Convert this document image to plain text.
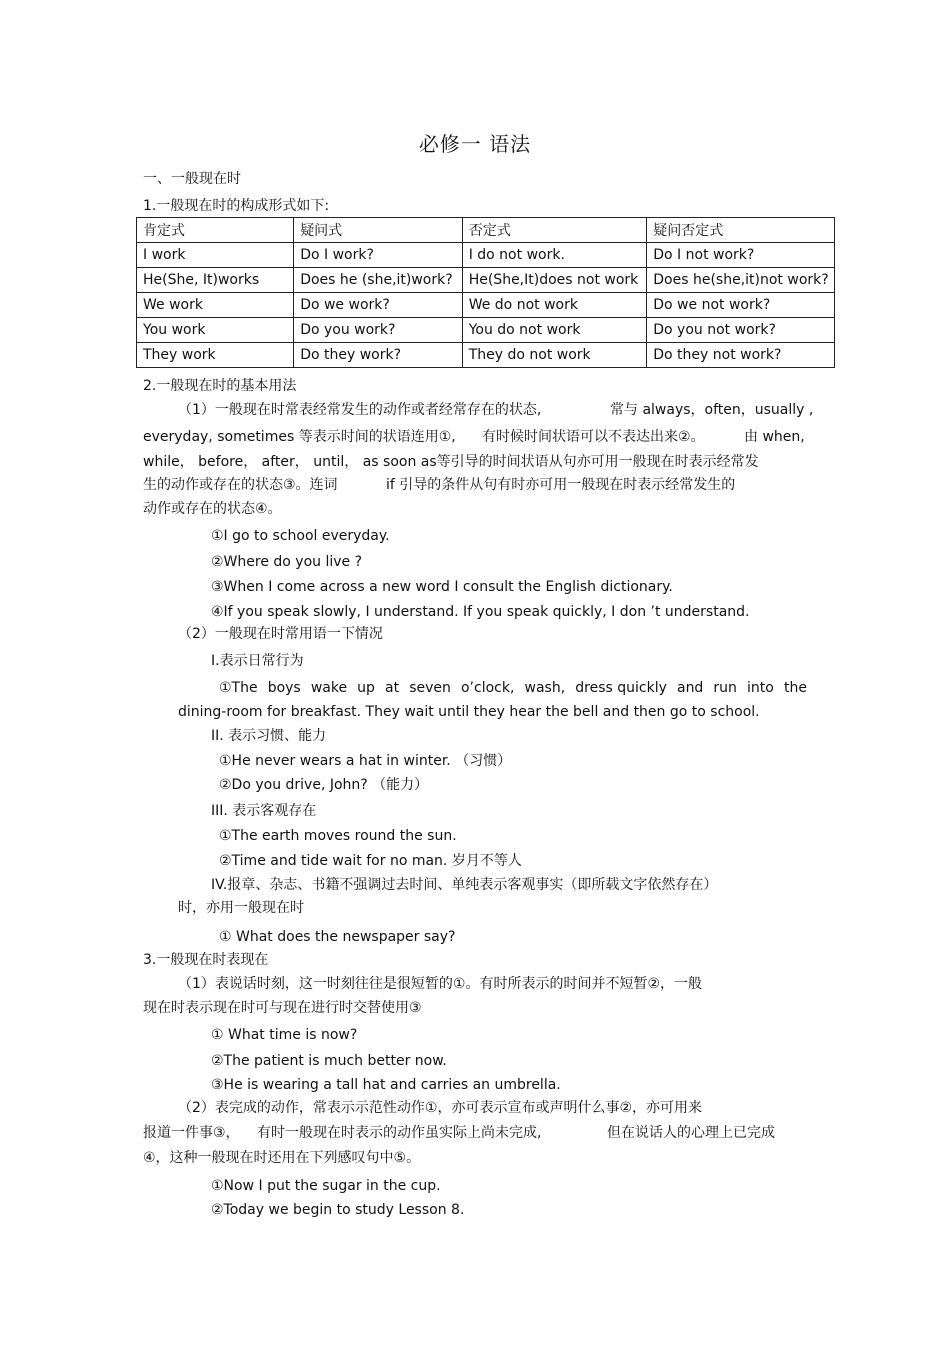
必修一 语法
一、一般现在时
1.一般现在时的构成形式如下:
肯定式	疑问式	否定式	疑问否定式
I work	Do I work?	I do not work.	Do I not work?
He(She, It)works	Does he (she,it)work?	He(She,It)does not work	Does he(she,it)not work?
We work	Do we work?	We do not work	Do we not work?
You work	Do you work?	You do not work	Do you not work?
They work	Do they work?	They do not work	Do they not work?
2.一般现在时的基本用法
（1）一般现在时常表经常发生的动作或者经常存在的状态,	常与 always，often，usually ,
everyday, sometimes 等表示时间的状语连用①, 有时候时间状语可以不表达出来②。	由 when,
while， before， after， until， as soon as等引导的时间状语从句亦可用一般现在时表示经常发
生的动作或存在的状态③。连词	if 引导的条件从句有时亦可用一般现在时表示经常发生的
动作或存在的状态④。
①I go to school everyday.
②Where do you live ?
③When I come across a new word I consult the English dictionary.
④If you speak slowly, I understand. If you speak quickly, I don ’t understand.
（2）一般现在时常用语一下情况
I.表示日常行为
①The boys wake up at seven o’clock, wash, dress quickly and run into the
dining-room for breakfast. They wait until they hear the bell and then go to school.
II. 表示习惯、能力
①He never wears a hat in winter. （习惯）
②Do you drive, John? （能力）
III. 表示客观存在
①The earth moves round the sun.
②Time and tide wait for no man. 岁月不等人
IV.报章、杂志、书籍不强调过去时间、单纯表示客观事实（即所载文字依然存在）
时，亦用一般现在时
① What does the newspaper say?
3.一般现在时表现在
（1）表说话时刻，这一时刻往往是很短暂的①。有时所表示的时间并不短暂②，一般
现在时表示现在时可与现在进行时交替使用③
① What time is now?
②The patient is much better now.
③He is wearing a tall hat and carries an umbrella.
（2）表完成的动作，常表示示范性动作①，亦可表示宣布或声明什么事②，亦可用来
报道一件事③， 有时一般现在时表示的动作虽实际上尚未完成,	但在说话人的心理上已完成
④，这种一般现在时还用在下列感叹句中⑤。
①Now I put the sugar in the cup.
②Today we begin to study Lesson 8.
